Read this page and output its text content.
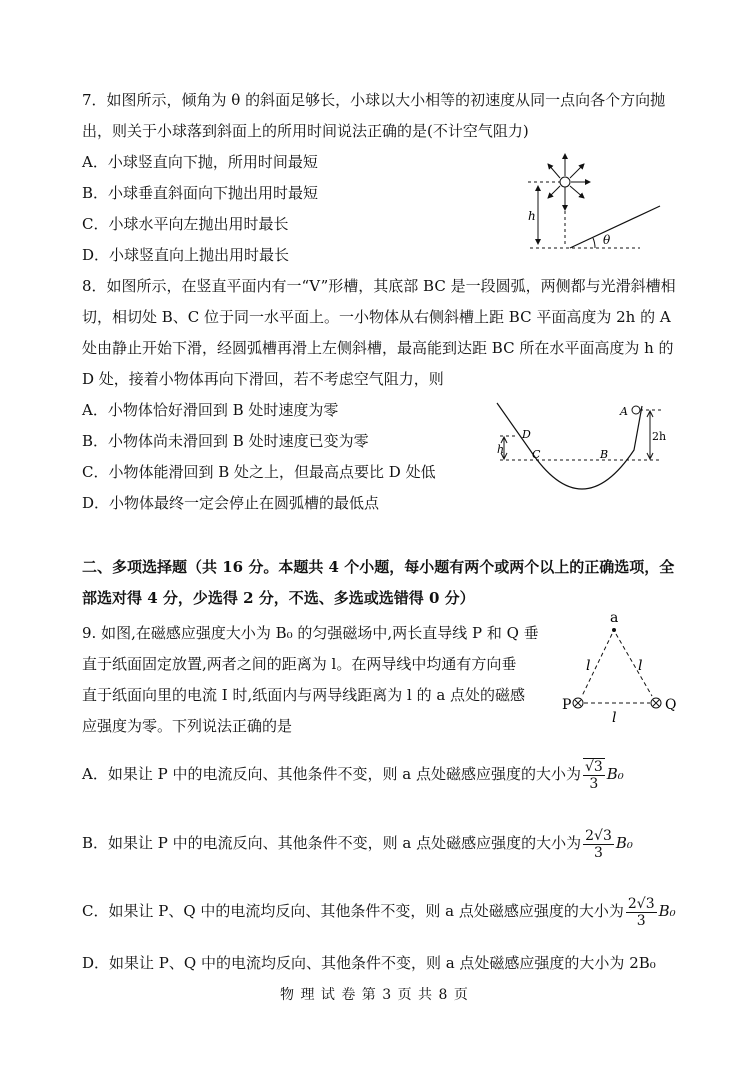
7．如图所示，倾角为 θ 的斜面足够长，小球以大小相等的初速度从同一点向各个方向抛
出，则关于小球落到斜面上的所用时间说法正确的是(不计空气阻力)
A．小球竖直向下抛，所用时间最短
B．小球垂直斜面向下抛出用时最短
C．小球水平向左抛出用时最长
D．小球竖直向上抛出用时最长
h
θ
8．如图所示，在竖直平面内有一“V”形槽，其底部 BC 是一段圆弧，两侧都与光滑斜槽相
切，相切处 B、C 位于同一水平面上。一小物体从右侧斜槽上距 BC 平面高度为 2h 的 A
处由静止开始下滑，经圆弧槽再滑上左侧斜槽，最高能到达距 BC 所在水平面高度为 h 的
D 处，接着小物体再向下滑回，若不考虑空气阻力，则
A．小物体恰好滑回到 B 处时速度为零
B．小物体尚未滑回到 B 处时速度已变为零
C．小物体能滑回到 B 处之上，但最高点要比 D 处低
D．小物体最终一定会停止在圆弧槽的最低点
A
D
h	C	B
2h
二、多项选择题（共 16 分。本题共 4 个小题，每小题有两个或两个以上的正确选项，全
部选对得 4 分，少选得 2 分，不选、多选或选错得 0 分）
9. 如图,在磁感应强度大小为 B₀ 的匀强磁场中,两长直导线 P 和 Q 垂
直于纸面固定放置,两者之间的距离为 l。在两导线中均通有方向垂
直于纸面向里的电流 I 时,纸面内与两导线距离为 l 的 a 点处的磁感
应强度为零。下列说法正确的是
a
P	Q
l	l
l
A．如果让 P 中的电流反向、其他条件不变，则 a 点处磁感应强度的大小为 $\frac{√3}{3} B_0$
B．如果让 P 中的电流反向、其他条件不变，则 a 点处磁感应强度的大小为 $\frac{2√3}{3} B_0$
C．如果让 P、Q 中的电流均反向、其他条件不变，则 a 点处磁感应强度的大小为 $\frac{2√3}{3} B_0$
D．如果让 P、Q 中的电流均反向、其他条件不变，则 a 点处磁感应强度的大小为 2B₀
物 理 试 卷 第 3 页 共 8 页
